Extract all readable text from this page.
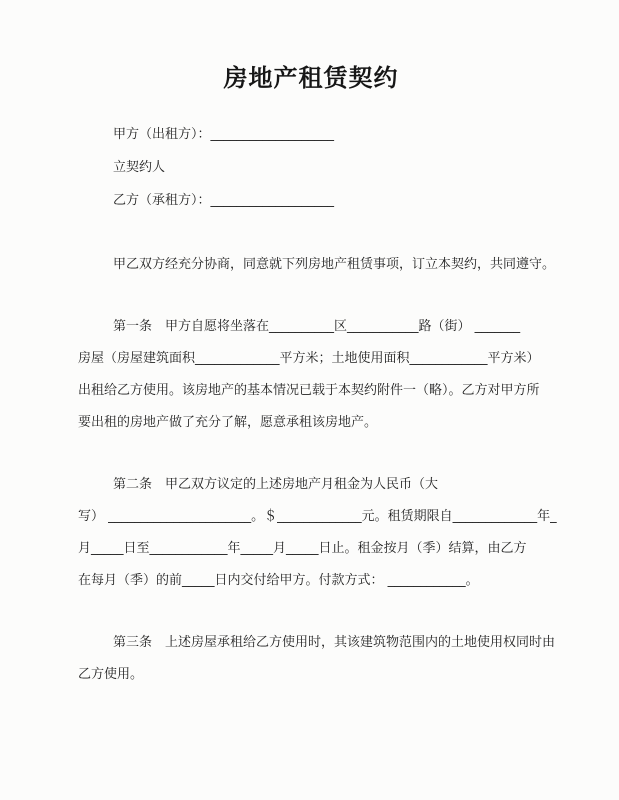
房地产租赁契约
甲方（出租方）：___________________
立契约人
乙方（承租方）：___________________
甲乙双方经充分协商，同意就下列房地产租赁事项，订立本契约，共同遵守。
第一条　甲方自愿将坐落在__________区___________路（街） _______
房屋（房屋建筑面积_____________平方米；土地使用面积____________平方米）
出租给乙方使用。该房地产的基本情况已载于本契约附件一（略）。乙方对甲方所
要出租的房地产做了充分了解，愿意承租该房地产。
第二条　甲乙双方议定的上述房地产月租金为人民币（大
写） ______________________。＄_____________元。租赁期限自_____________年_
月_____日至____________年_____月_____日止。租金按月（季）结算，由乙方
在每月（季）的前_____日内交付给甲方。付款方式： ____________。
第三条　上述房屋承租给乙方使用时，其该建筑物范围内的土地使用权同时由
乙方使用。
